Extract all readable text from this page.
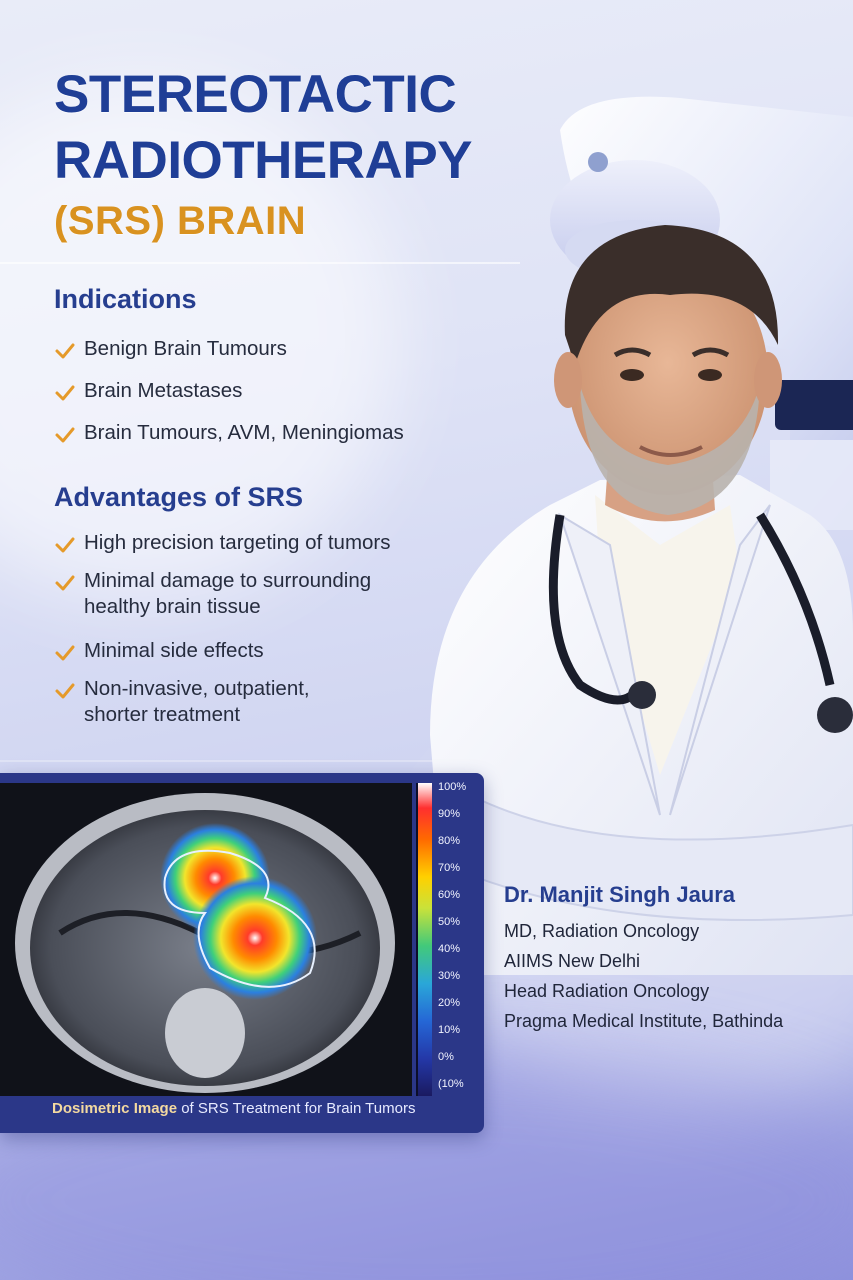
STEREOTACTIC
RADIOTHERAPY
(SRS) BRAIN
Indications
Benign Brain Tumours
Brain Metastases
Brain Tumours, AVM, Meningiomas
Advantages of SRS
High precision targeting of tumors
Minimal damage to surrounding
healthy brain tissue
Minimal side effects
Non-invasive, outpatient,
shorter treatment
100%
90%
80%
70%
60%
50%
40%
30%
20%
10%
0%
(10%
Dosimetric Image of SRS Treatment for Brain Tumors
Dr. Manjit Singh Jaura
MD, Radiation Oncology
AIIMS New Delhi
Head Radiation Oncology
Pragma Medical Institute, Bathinda
